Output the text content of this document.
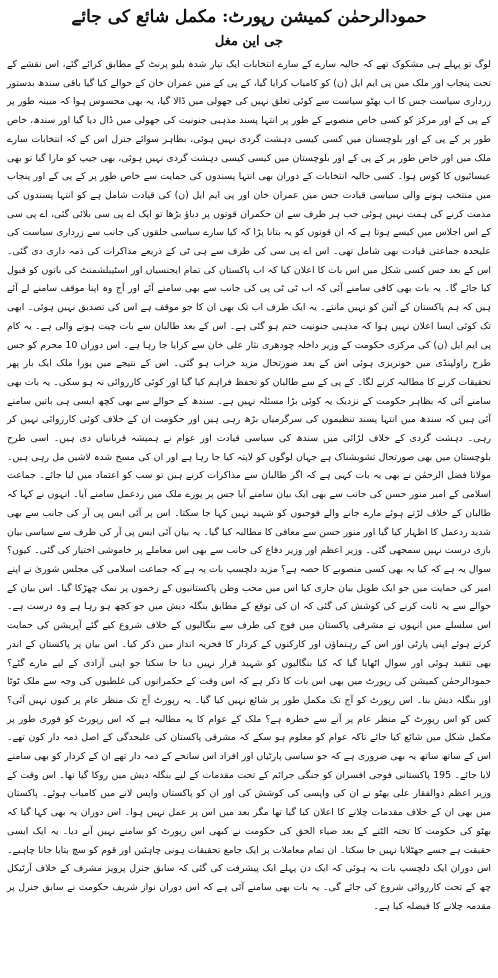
حمودالرحمٰن کمیشن رپورٹ: مکمل شائع کی جائے
جی این مغل

لوگ تو پہلے ہی مشکوک تھے کہ حالیہ سارے کے سارے انتخابات ایک تیار شدہ بلیو پرنٹ کے مطابق کرائے گئے، اس نقشے کے تحت پنجاب اور ملک میں پی ایم ایل (ن) کو کامیاب کرایا گیا، کے پی کے میں عمران خان کے حوالے کیا گیا باقی سندھ بدستور زرداری سیاست جس کا اب بھٹو سیاست سے کوئی تعلق نہیں کی جھولی میں ڈالا گیا، یہ بھی محسوس ہوا کہ مبینہ طور پر کے پی کے اور مرکز کو کسی خاص منصوبے کے طور پر انتہا پسند مذہبی جنونیت کی جھولی میں ڈال دیا گیا اور سندھ، خاص طور پر کے پی کے اور بلوچستان میں کسی کیسی دہشت گردی نہیں ہوئی، بظاہر سوائے جنرل اس کے کہ انتخابات سارے ملک میں اور خاص طور پر کے پی کے اور بلوچستان میں کیسی کیسی دہشت گردی نہیں ہوئی، بھی جیپ کو مارا گیا تو بھی عیسائیوں کا کوس ہوا۔ کسی حالیہ انتخابات کے دوران بھی انتہا پسندوں کی حمایت سے خاص طور پر کے پی کے اور پنجاب میں منتخب ہونے والی سیاسی قیادت جس میں عمران خان اور پی ایم ایل (ن) کی قیادت شامل ہے کو انتہا پسندوں کی مذمت کرنے کی ہمت نہیں ہوئی جب ہر طرف سے ان حکمران قوتوں پر دباؤ بڑھا تو ایک اے پی سی بلائی گئی، اے پی سی کے اس اجلاس میں کیسے ہوتا ہے کہ ان قوتوں کو یہ بتانا پڑا کہ کیا سارے سیاسی حلقوں کی جانب سے زرداری سیاست کی علیحدہ جماعتی قیادت بھی شامل تھی۔ اس اے پی سی کی طرف سے ہی ٹی کے ذریعے مذاکرات کی ذمہ داری دی گئی۔ اس کے بعد جس کسی شکل میں اس بات کا اعلان کیا کہ اب پاکستان کی تمام ایجنسیاں اور اسٹیبلشمنٹ کی باتوں کو قبول کیا جائے گا۔ یہ بات بھی کافی سامنے آئی کہ اب ٹی ٹی پی کی جانب سے بھی سامنے آئے اور آج وہ اپنا موقف سامنے لے آئے ہیں کہ ہم پاکستان کے آئین کو نہیں مانتے۔ یہ ایک طرف اب تک بھی ان کا جو موقف ہے اس کی تصدیق نہیں ہوئی۔ ابھی تک کوئی ایسا اعلان نہیں ہوا کہ مذہبی جنونیت ختم ہو گئی ہے۔ اس کے بعد طالبان سے بات چیت ہونے والی ہے۔ یہ کام پی ایم ایل (ن) کی مرکزی حکومت کے وزیر داخلہ چودھری نثار علی خان سے کرایا جا رہا ہے۔ اس دوران 10 محرم کو جس طرح راولپنڈی میں خونریزی ہوئی اس کے بعد صورتحال مزید خراب ہو گئی۔ اس کے نتیجے میں پورا ملک ایک بار پھر تحقیقات کرنے کا مطالبہ کرنے لگا۔ کے پی کے سے طالبان کو تحفظ فراہم کیا گیا اور کوئی کارروائی نہ ہو سکی۔ یہ بات بھی سامنے آئی کہ بظاہر حکومت کے نزدیک یہ کوئی بڑا مسئلہ نہیں ہے۔ سندھ کے حوالے سے بھی کچھ ایسی ہی باتیں سامنے آئی ہیں کہ سندھ میں انتہا پسند تنظیموں کی سرگرمیاں بڑھ رہی ہیں اور حکومت ان کے خلاف کوئی کارروائی نہیں کر رہی۔ دہشت گردی کے خلاف لڑائی میں سندھ کی سیاسی قیادت اور عوام نے ہمیشہ قربانیاں دی ہیں۔ اسی طرح بلوچستان میں بھی صورتحال تشویشناک ہے جہاں لوگوں کو لاپتہ کیا جا رہا ہے اور ان کی مسخ شدہ لاشیں مل رہی ہیں۔ مولانا فضل الرحمٰن نے بھی یہ بات کہی ہے کہ اگر طالبان سے مذاکرات کرنے ہیں تو سب کو اعتماد میں لیا جائے۔ جماعت اسلامی کے امیر منور حسن کی جانب سے بھی ایک بیان سامنے آیا جس پر پورے ملک میں ردعمل سامنے آیا۔ انہوں نے کہا کہ طالبان کے خلاف لڑتے ہوئے مارے جانے والے فوجیوں کو شہید نہیں کہا جا سکتا۔ اس پر آئی ایس پی آر کی جانب سے بھی شدید ردعمل کا اظہار کیا گیا اور منور حسن سے معافی کا مطالبہ کیا گیا۔ یہ بیان آئی ایس پی آر کی طرف سے سیاسی بیان بازی درست نہیں سمجھی گئی۔ وزیر اعظم اور وزیر دفاع کی جانب سے بھی اس معاملے پر خاموشی اختیار کی گئی۔ کیوں؟ سوال یہ ہے کہ کیا یہ بھی کسی منصوبے کا حصہ ہے؟ مزید دلچسپ بات یہ ہے کہ جماعت اسلامی کی مجلس شوریٰ نے اپنے امیر کی حمایت میں جو ایک طویل بیان جاری کیا اس میں محب وطن پاکستانیوں کے زخموں پر نمک چھڑکا گیا۔ اس بیان کے حوالے سے یہ ثابت کرنے کی کوشش کی گئی کہ ان کی توقع کے مطابق بنگلہ دیش میں جو کچھ ہو رہا ہے وہ درست ہے۔ اس سلسلے میں انہوں نے مشرقی پاکستان میں فوج کی طرف سے بنگالیوں کے خلاف شروع کیے گئے آپریشن کی حمایت کرتے ہوئے اپنی پارٹی اور اس کے رہنماؤں اور کارکنوں کے کردار کا فخریہ انداز میں ذکر کیا۔ اس بیان پر پاکستان کے اندر بھی تنقید ہوئی اور سوال اٹھایا گیا کہ کیا بنگالیوں کو شہید قرار نہیں دیا جا سکتا جو اپنی آزادی کے لیے مارے گئے؟ حمودالرحمٰن کمیشن کی رپورٹ میں بھی اس بات کا ذکر ہے کہ اس وقت کے حکمرانوں کی غلطیوں کی وجہ سے ملک ٹوٹا اور بنگلہ دیش بنا۔ اس رپورٹ کو آج تک مکمل طور پر شائع نہیں کیا گیا۔ یہ رپورٹ آج تک منظر عام پر کیوں نہیں آئی؟ کس کو اس رپورٹ کے منظر عام پر آنے سے خطرہ ہے؟ ملک کے عوام کا یہ مطالبہ ہے کہ اس رپورٹ کو فوری طور پر مکمل شکل میں شائع کیا جائے تاکہ عوام کو معلوم ہو سکے کہ مشرقی پاکستان کی علیحدگی کے اصل ذمہ دار کون تھے۔ اس کے ساتھ ساتھ یہ بھی ضروری ہے کہ جو سیاسی پارٹیاں اور افراد اس سانحے کے ذمہ دار تھے ان کے کردار کو بھی سامنے لایا جائے۔ 195 پاکستانی فوجی افسران کو جنگی جرائم کے تحت مقدمات کے لیے بنگلہ دیش میں روکا گیا تھا۔ اس وقت کے وزیر اعظم ذوالفقار علی بھٹو نے ان کی واپسی کی کوشش کی اور ان کو پاکستان واپس لانے میں کامیاب ہوئے۔ پاکستان میں بھی ان کے خلاف مقدمات چلانے کا اعلان کیا گیا تھا مگر بعد میں اس پر عمل نہیں ہوا۔ اس دوران یہ بھی کہا گیا کہ بھٹو کی حکومت کا تختہ الٹنے کے بعد ضیاء الحق کی حکومت نے کبھی اس رپورٹ کو سامنے نہیں آنے دیا۔ یہ ایک ایسی حقیقت ہے جسے جھٹلایا نہیں جا سکتا۔ ان تمام معاملات پر ایک جامع تحقیقات ہونی چاہئیں اور قوم کو سچ بتایا جانا چاہیے۔ اس دوران ایک دلچسپ بات یہ ہوئی کہ ایک دن پہلے ایک پیشرفت کی گئی کہ سابق جنرل پرویز مشرف کے خلاف آرٹیکل چھ کے تحت کارروائی شروع کی جائے گی۔ یہ بات بھی سامنے آئی ہے کہ اس دوران نواز شریف حکومت نے سابق جنرل پر مقدمہ چلانے کا فیصلہ کیا ہے۔
